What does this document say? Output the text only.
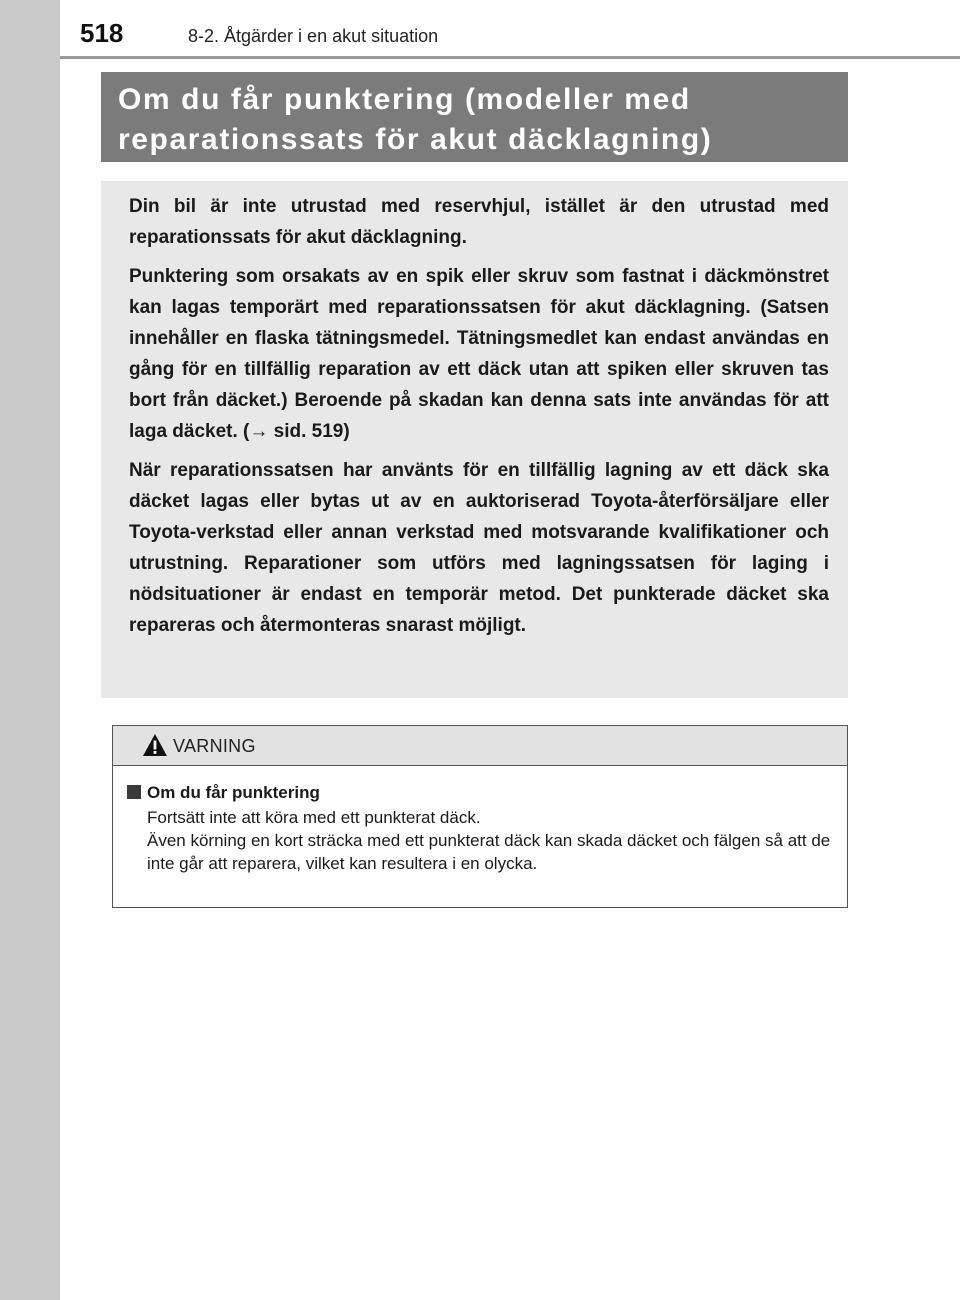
518	8-2. Åtgärder i en akut situation
Om du får punktering (modeller med
reparationssats för akut däcklagning)

Din bil är inte utrustad med reservhjul, istället är den utrustad med reparationssats för akut däcklagning.

Punktering som orsakats av en spik eller skruv som fastnat i däckmönstret kan lagas temporärt med reparationssatsen för akut däcklagning. (Satsen innehåller en flaska tätningsmedel. Tätningsmedlet kan endast användas en gång för en tillfällig reparation av ett däck utan att spiken eller skruven tas bort från däcket.) Beroende på skadan kan denna sats inte användas för att laga däcket. (→ sid. 519)

När reparationssatsen har använts för en tillfällig lagning av ett däck ska däcket lagas eller bytas ut av en auktoriserad Toyota-återförsäljare eller Toyota-verkstad eller annan verkstad med motsvarande kvalifikationer och utrustning. Reparationer som utförs med lagningssatsen för laging i nödsituationer är endast en temporär metod. Det punkterade däcket ska repareras och återmonteras snarast möjligt.

VARNING
Om du får punktering

Fortsätt inte att köra med ett punkterat däck.

Även körning en kort sträcka med ett punkterat däck kan skada däcket och fälgen så att de inte går att reparera, vilket kan resultera i en olycka.
